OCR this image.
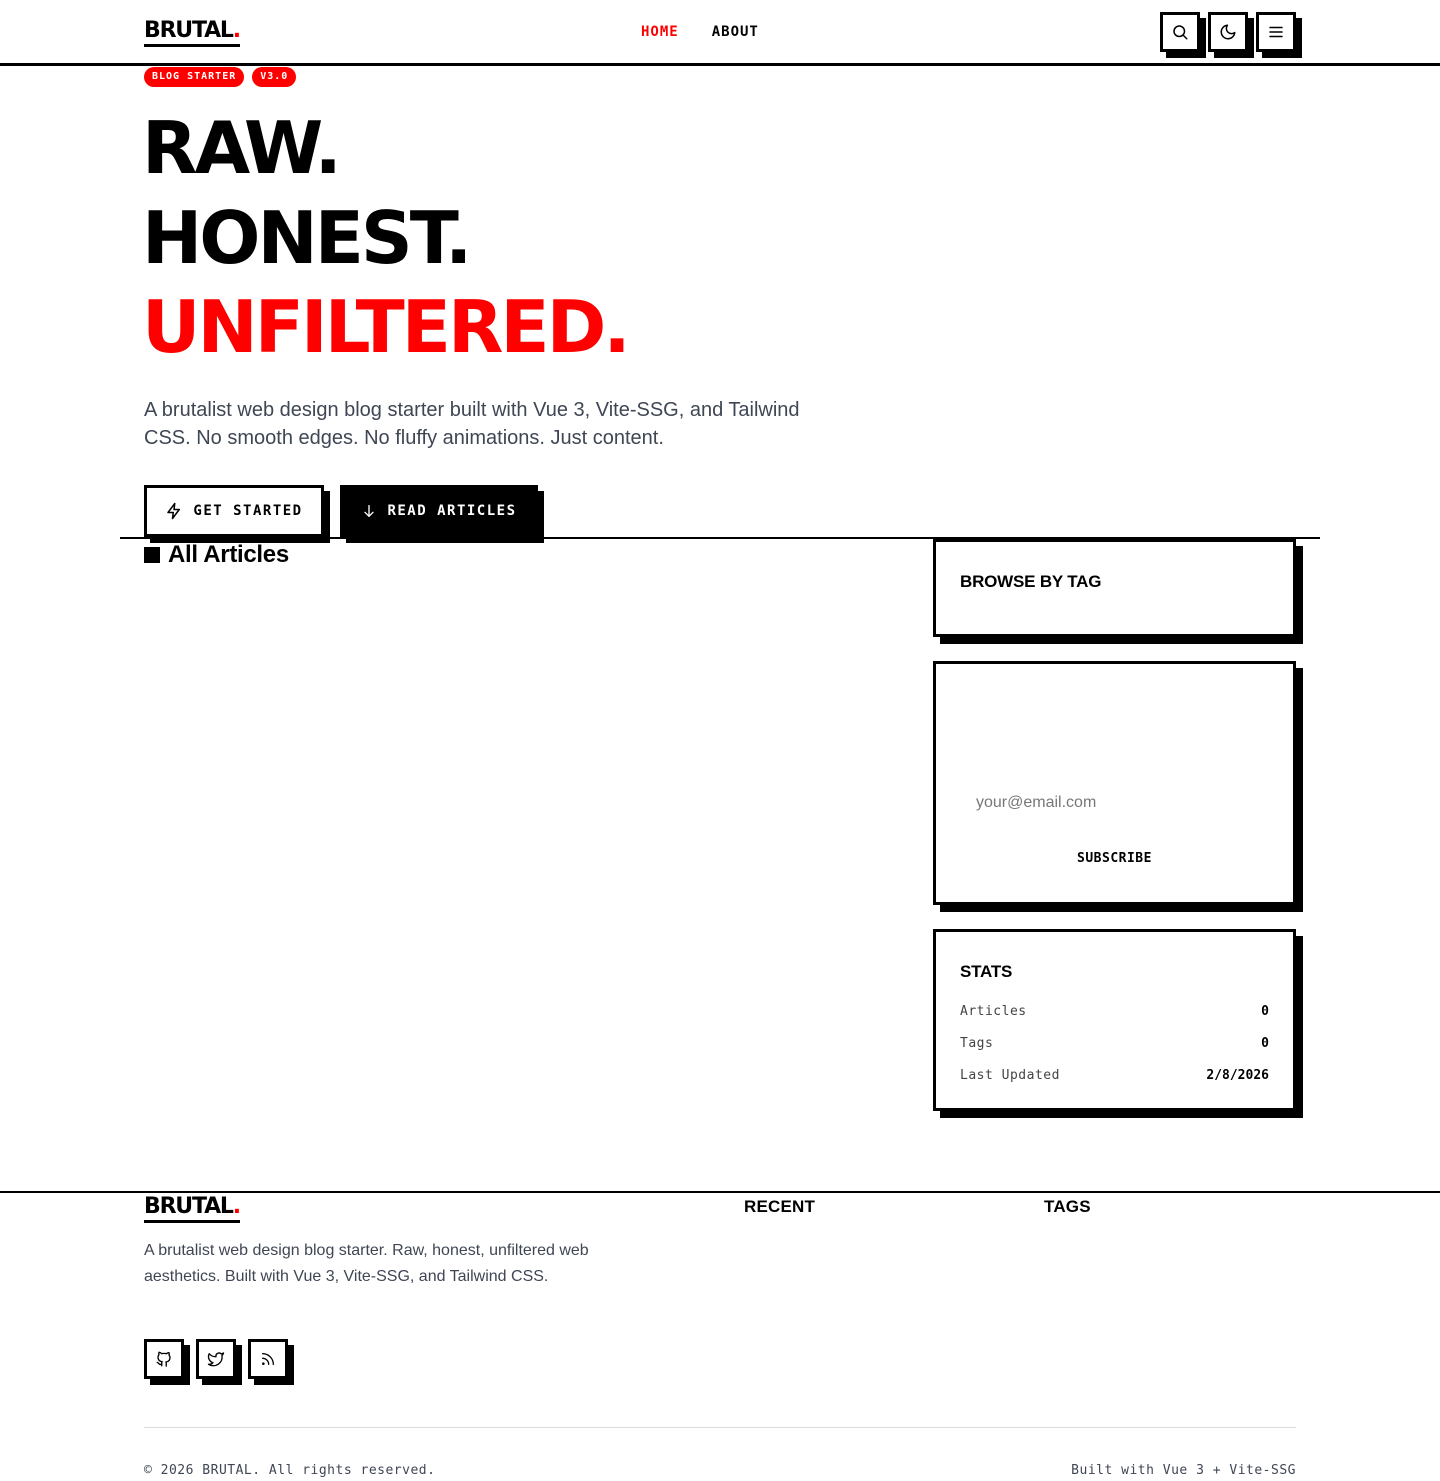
BRUTAL.	HOME ABOUT
BLOG STARTER	V3.0
RAW.
HONEST.
UNFILTERED.

A brutalist web design blog starter built with Vue 3, Vite-SSG, and Tailwind CSS. No smooth edges. No fluffy animations. Just content.

GET STARTED	READ ARTICLES
All Articles
BROWSE BY TAG
your@email.com
SUBSCRIBE
STATS
Articles	0
Tags	0
Last Updated	2/8/2026
BRUTAL.	RECENT	TAGS

A brutalist web design blog starter. Raw, honest, unfiltered web aesthetics. Built with Vue 3, Vite-SSG, and Tailwind CSS.

© 2026 BRUTAL. All rights reserved.	Built with Vue 3 + Vite-SSG
